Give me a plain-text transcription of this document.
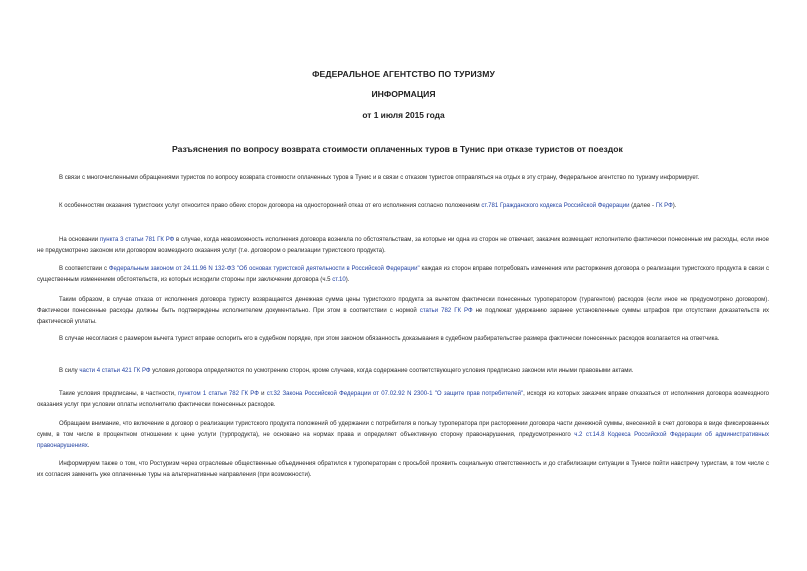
ФЕДЕРАЛЬНОЕ АГЕНТСТВО ПО ТУРИЗМУ
ИНФОРМАЦИЯ
от 1 июля 2015 года
Разъяснения по вопросу возврата стоимости оплаченных туров в Тунис при отказе туристов от поездок
В связи с многочисленными обращениями туристов по вопросу возврата стоимости оплаченных туров в Тунис и в связи с отказом туристов отправляться на отдых в эту страну, Федеральное агентство по туризму информирует.
К особенностям оказания туристских услуг относится право обеих сторон договора на односторонний отказ от его исполнения согласно положениям ст.781 Гражданского кодекса Российской Федерации (далее - ГК РФ).
На основании пункта 3 статьи 781 ГК РФ в случае, когда невозможность исполнения договора возникла по обстоятельствам, за которые ни одна из сторон не отвечает, заказчик возмещает исполнителю фактически понесенные им расходы, если иное не предусмотрено законом или договором возмездного оказания услуг (т.е. договором о реализации туристского продукта).
В соответствии с Федеральным законом от 24.11.96 N 132-ФЗ "Об основах туристской деятельности в Российской Федерации" каждая из сторон вправе потребовать изменения или расторжения договора о реализации туристского продукта в связи с существенным изменением обстоятельств, из которых исходили стороны при заключении договора (ч.5 ст.10).
Таким образом, в случае отказа от исполнения договора туристу возвращается денежная сумма цены туристского продукта за вычетом фактически понесенных туроператором (турагентом) расходов (если иное не предусмотрено договором). Фактически понесенные расходы должны быть подтверждены исполнителем документально. При этом в соответствии с нормой статьи 782 ГК РФ не подлежат удержанию заранее установленные суммы штрафов при отсутствии доказательств их фактической уплаты.
В случае несогласия с размером вычета турист вправе оспорить его в судебном порядке, при этом законом обязанность доказывания в судебном разбирательстве размера фактически понесенных расходов возлагается на ответчика.
В силу части 4 статьи 421 ГК РФ условия договора определяются по усмотрению сторон, кроме случаев, когда содержание соответствующего условия предписано законом или иными правовыми актами.
Такие условия предписаны, в частности, пунктом 1 статьи 782 ГК РФ и ст.32 Закона Российской Федерации от 07.02.92 N 2300-1 "О защите прав потребителей", исходя из которых заказчик вправе отказаться от исполнения договора возмездного оказания услуг при условии оплаты исполнителю фактически понесенных расходов.
Обращаем внимание, что включение в договор о реализации туристского продукта положений об удержании с потребителя в пользу туроператора при расторжении договора части денежной суммы, внесенной в счет договора в виде фиксированных сумм, в том числе в процентном отношении к цене услуги (турпродукта), не основано на нормах права и определяет объективную сторону правонарушения, предусмотренного ч.2 ст.14.8 Кодекса Российской Федерации об административных правонарушениях.
Информируем также о том, что Ростуризм через отраслевые общественные объединения обратился к туроператорам с просьбой проявить социальную ответственность и до стабилизации ситуации в Тунисе пойти навстречу туристам, в том числе с их согласия заменить уже оплаченные туры на альтернативные направления (при возможности).
